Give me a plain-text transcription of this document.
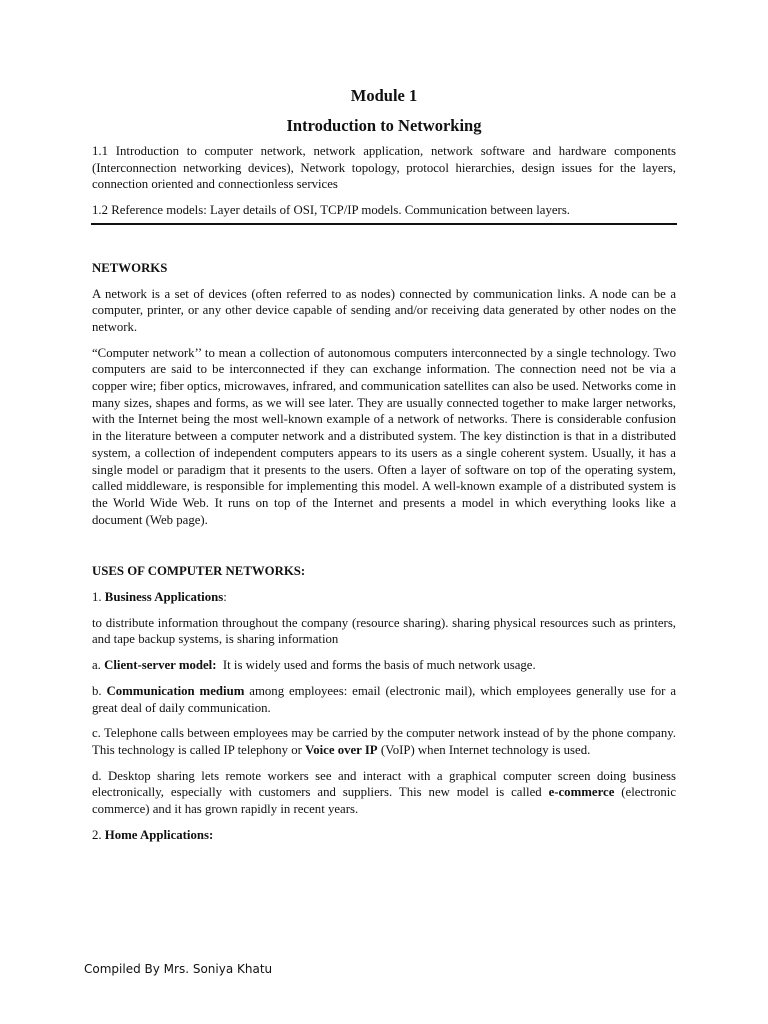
Module 1
Introduction to Networking

1.1 Introduction to computer network, network application, network software and hardware components (Interconnection networking devices), Network topology, protocol hierarchies, design issues for the layers, connection oriented and connectionless services

1.2 Reference models: Layer details of OSI, TCP/IP models. Communication between layers.

NETWORKS

A network is a set of devices (often referred to as nodes) connected by communication links. A node can be a computer, printer, or any other device capable of sending and/or receiving data generated by other nodes on the network.

“Computer network’’ to mean a collection of autonomous computers interconnected by a single technology. Two computers are said to be interconnected if they can exchange information. The connection need not be via a copper wire; fiber optics, microwaves, infrared, and communication satellites can also be used. Networks come in many sizes, shapes and forms, as we will see later. They are usually connected together to make larger networks, with the Internet being the most well-known example of a network of networks. There is considerable confusion in the literature between a computer network and a distributed system. The key distinction is that in a distributed system, a collection of independent computers appears to its users as a single coherent system. Usually, it has a single model or paradigm that it presents to the users. Often a layer of software on top of the operating system, called middleware, is responsible for implementing this model. A well-known example of a distributed system is the World Wide Web. It runs on top of the Internet and presents a model in which everything looks like a document (Web page).

USES OF COMPUTER NETWORKS:

1. Business Applications:

to distribute information throughout the company (resource sharing). sharing physical resources such as printers, and tape backup systems, is sharing information

a. Client-server model:  It is widely used and forms the basis of much network usage.

b. Communication medium among employees: email (electronic mail), which employees generally use for a great deal of daily communication.

c. Telephone calls between employees may be carried by the computer network instead of by the phone company. This technology is called IP telephony or Voice over IP (VoIP) when Internet technology is used.

d. Desktop sharing lets remote workers see and interact with a graphical computer screen doing business electronically, especially with customers and suppliers. This new model is called e-commerce (electronic commerce) and it has grown rapidly in recent years.

2. Home Applications:

Compiled By Mrs. Soniya Khatu
